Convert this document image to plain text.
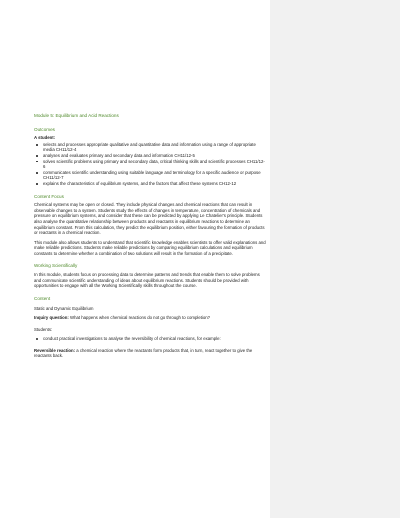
Module 5: Equilibrium and Acid Reactions
Outcomes
A student:
selects and processes appropriate qualitative and quantitative data and information using a range of appropriate media CH11/12-4
analyses and evaluates primary and secondary data and information CH11/12-5
solves scientific problems using primary and secondary data, critical thinking skills and scientific processes CH11/12-6
communicates scientific understanding using suitable language and terminology for a specific audience or purpose CH11/12-7
explains the characteristics of equilibrium systems, and the factors that affect these systems CH12-12
Content Focus

Chemical systems may be open or closed. They include physical changes and chemical reactions that can result in observable changes to a system. Students study the effects of changes in temperature, concentration of chemicals and pressure on equilibrium systems, and consider that these can be predicted by applying Le Chatelier's principle. Students also analyse the quantitative relationship between products and reactants in equilibrium reactions to determine an equilibrium constant. From this calculation, they predict the equilibrium position, either favouring the formation of products or reactants in a chemical reaction.

This module also allows students to understand that scientific knowledge enables scientists to offer valid explanations and make reliable predictions. Students make reliable predictions by comparing equilibrium calculations and equilibrium constants to determine whether a combination of two solutions will result in the formation of a precipitate.

Working Scientifically

In this module, students focus on processing data to determine patterns and trends that enable them to solve problems and communicate scientific understanding of ideas about equilibrium reactions. Students should be provided with opportunities to engage with all the Working Scientifically skills throughout the course.

Content
Static and Dynamic Equilibrium

Inquiry question: What happens when chemical reactions do not go through to completion?

Students:

conduct practical investigations to analyse the reversibility of chemical reactions, for example:

Reversible reaction: a chemical reaction where the reactants form products that, in turn, react together to give the reactants back.
